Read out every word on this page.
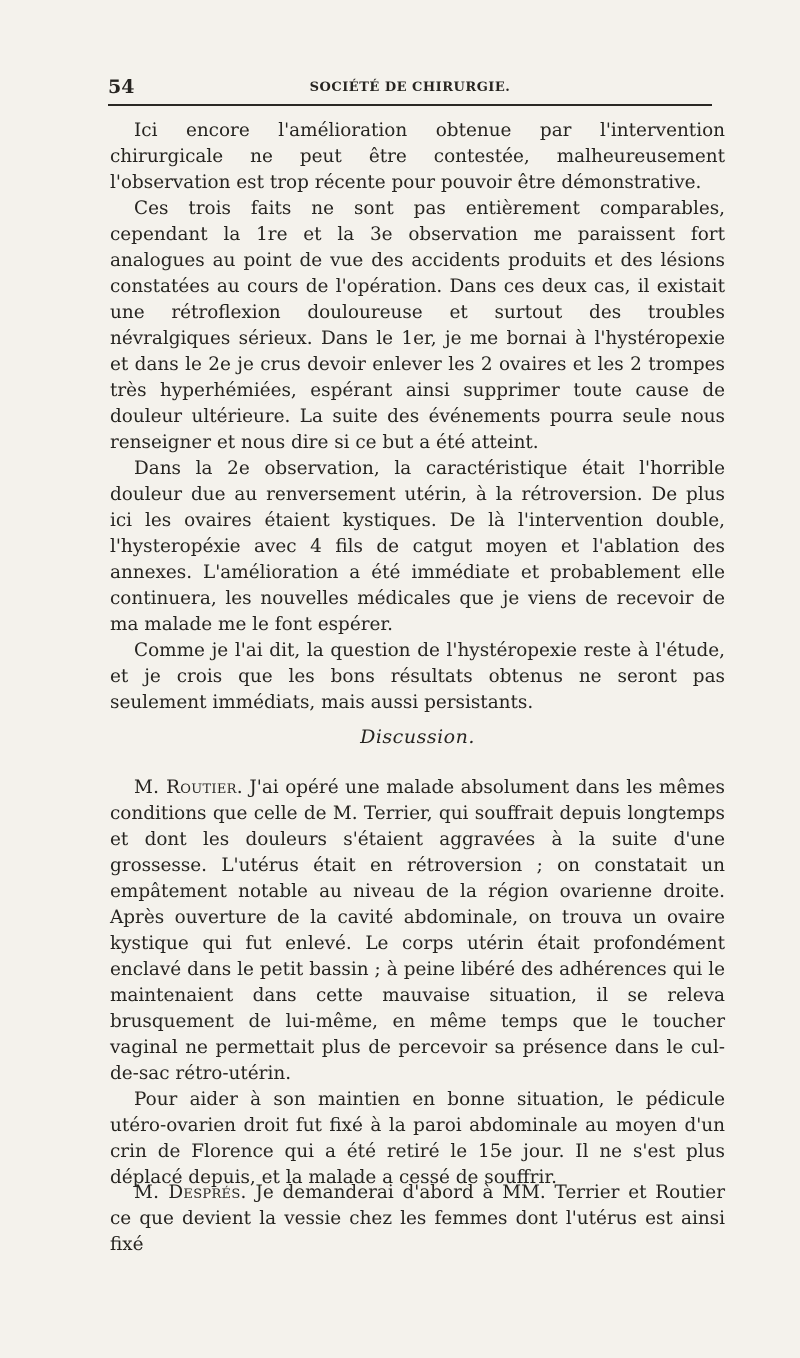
54	SOCIÉTÉ DE CHIRURGIE.

Ici encore l'amélioration obtenue par l'intervention chirurgicale ne peut être contestée, malheureusement l'observation est trop récente pour pouvoir être démonstrative.

Ces trois faits ne sont pas entièrement comparables, cependant la 1re et la 3e observation me paraissent fort analogues au point de vue des accidents produits et des lésions constatées au cours de l'opération. Dans ces deux cas, il existait une rétroflexion douloureuse et surtout des troubles névralgiques sérieux. Dans le 1er, je me bornai à l'hystéropexie et dans le 2e je crus devoir enlever les 2 ovaires et les 2 trompes très hyperhémiées, espérant ainsi supprimer toute cause de douleur ultérieure. La suite des événements pourra seule nous renseigner et nous dire si ce but a été atteint.

Dans la 2e observation, la caractéristique était l'horrible douleur due au renversement utérin, à la rétroversion. De plus ici les ovaires étaient kystiques. De là l'intervention double, l'hysteropéxie avec 4 fils de catgut moyen et l'ablation des annexes. L'amélioration a été immédiate et probablement elle continuera, les nouvelles médicales que je viens de recevoir de ma malade me le font espérer.

Comme je l'ai dit, la question de l'hystéropexie reste à l'étude, et je crois que les bons résultats obtenus ne seront pas seulement immédiats, mais aussi persistants.

Discussion.

M. Routier. J'ai opéré une malade absolument dans les mêmes conditions que celle de M. Terrier, qui souffrait depuis longtemps et dont les douleurs s'étaient aggravées à la suite d'une grossesse. L'utérus était en rétroversion ; on constatait un empâtement notable au niveau de la région ovarienne droite. Après ouverture de la cavité abdominale, on trouva un ovaire kystique qui fut enlevé. Le corps utérin était profondément enclavé dans le petit bassin ; à peine libéré des adhérences qui le maintenaient dans cette mauvaise situation, il se releva brusquement de lui-même, en même temps que le toucher vaginal ne permettait plus de percevoir sa présence dans le cul-de-sac rétro-utérin.

Pour aider à son maintien en bonne situation, le pédicule utéro-ovarien droit fut fixé à la paroi abdominale au moyen d'un crin de Florence qui a été retiré le 15e jour. Il ne s'est plus déplacé depuis, et la malade a cessé de souffrir.

M. Després. Je demanderai d'abord à MM. Terrier et Routier ce que devient la vessie chez les femmes dont l'utérus est ainsi fixé
